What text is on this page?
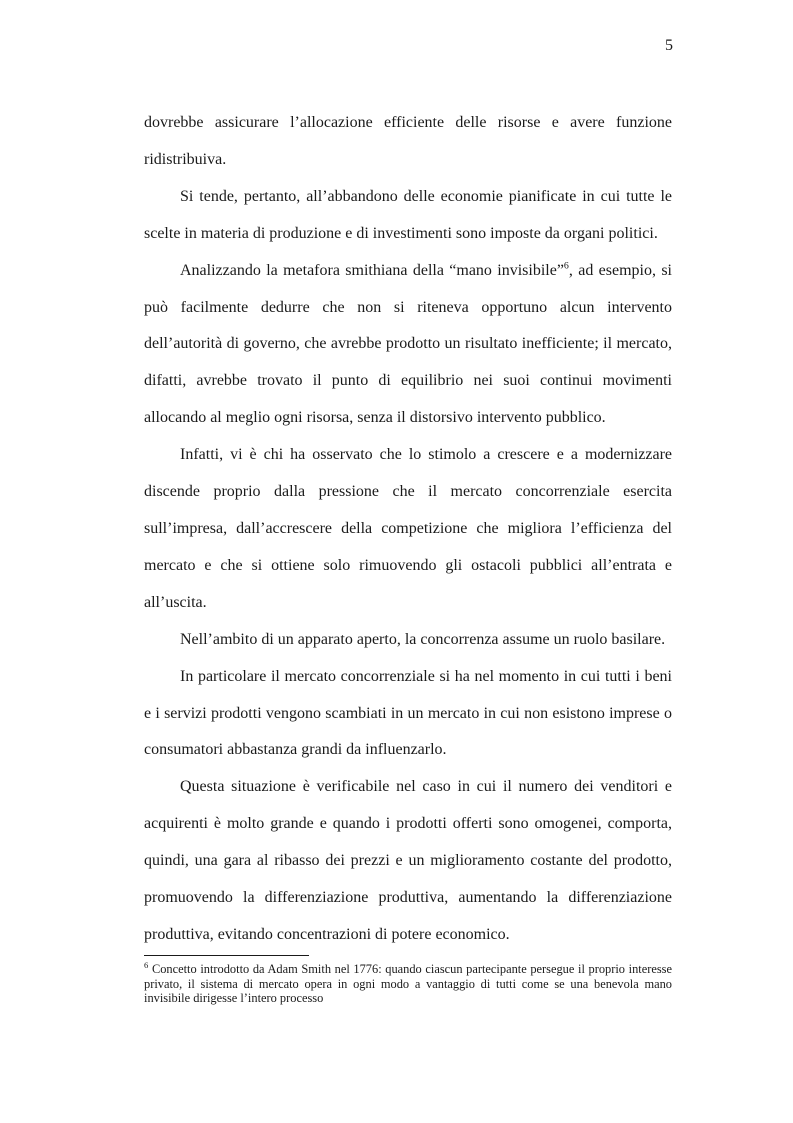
5

dovrebbe assicurare l’allocazione efficiente delle risorse e avere funzione ridistribuiva.

Si tende, pertanto, all’abbandono delle economie pianificate in cui tutte le scelte in materia di produzione e di investimenti sono imposte da organi politici.

Analizzando la metafora smithiana della “mano invisibile”$^6$, ad esempio, si può facilmente dedurre che non si riteneva opportuno alcun intervento dell’autorità di governo, che avrebbe prodotto un risultato inefficiente; il mercato, difatti, avrebbe trovato il punto di equilibrio nei suoi continui movimenti allocando al meglio ogni risorsa, senza il distorsivo intervento pubblico.

Infatti, vi è chi ha osservato che lo stimolo a crescere e a modernizzare discende proprio dalla pressione che il mercato concorrenziale esercita sull’impresa, dall’accrescere della competizione che migliora l’efficienza del mercato e che si ottiene solo rimuovendo gli ostacoli pubblici all’entrata e all’uscita.

Nell’ambito di un apparato aperto, la concorrenza assume un ruolo basilare.

In particolare il mercato concorrenziale si ha nel momento in cui tutti i beni e i servizi prodotti vengono scambiati in un mercato in cui non esistono imprese o consumatori abbastanza grandi da influenzarlo.

Questa situazione è verificabile nel caso in cui il numero dei venditori e acquirenti è molto grande e quando i prodotti offerti sono omogenei, comporta, quindi, una gara al ribasso dei prezzi e un miglioramento costante del prodotto, promuovendo la differenziazione produttiva, aumentando la differenziazione produttiva, evitando concentrazioni di potere economico.

$^6$ Concetto introdotto da Adam Smith nel 1776: quando ciascun partecipante persegue il proprio interesse privato, il sistema di mercato opera in ogni modo a vantaggio di tutti come se una benevola mano invisibile dirigesse l’intero processo
